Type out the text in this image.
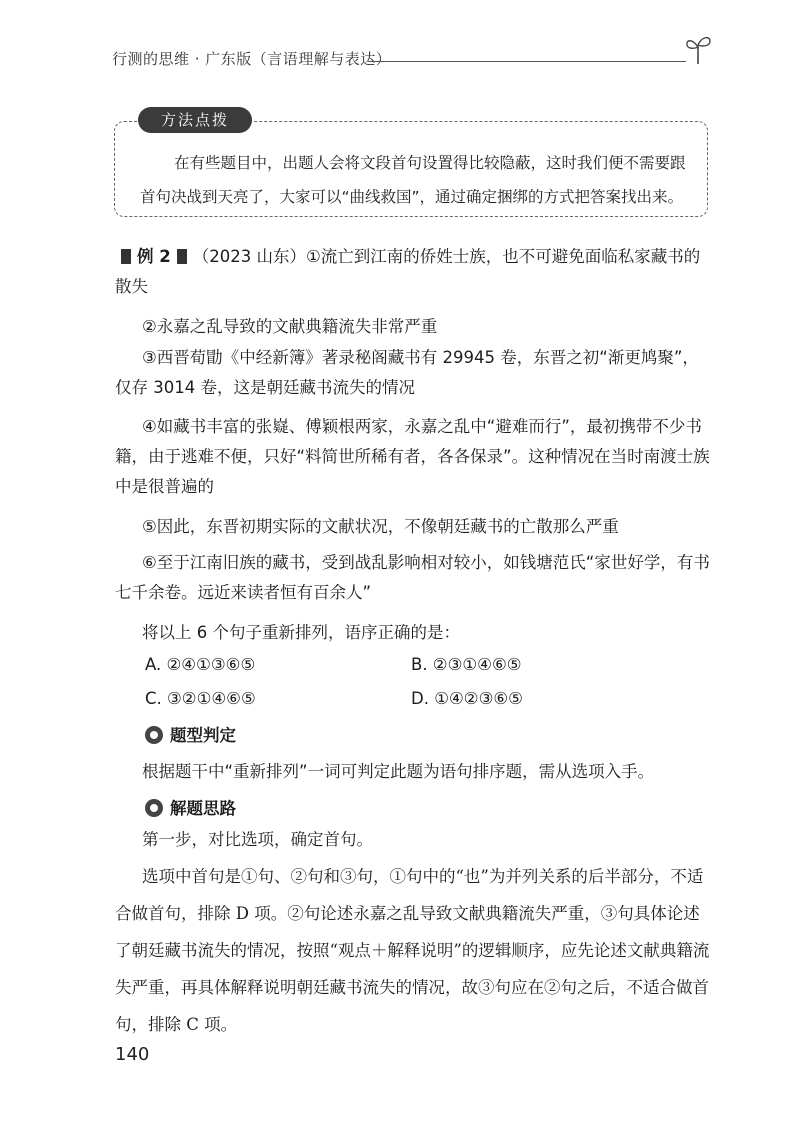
行测的思维 · 广东版（言语理解与表达）
方法点拨
在有些题目中，出题人会将文段首句设置得比较隐蔽，这时我们便不需要跟首句决战到天亮了，大家可以“曲线救国”，通过确定捆绑的方式把答案找出来。
例 2 （2023 山东）①流亡到江南的侨姓士族，也不可避免面临私家藏书的散失
②永嘉之乱导致的文献典籍流失非常严重
③西晋荀勖《中经新簿》著录秘阁藏书有 29945 卷，东晋之初“渐更鸠聚”，仅存 3014 卷，这是朝廷藏书流失的情况
④如藏书丰富的张嶷、傅颖根两家，永嘉之乱中“避难而行”，最初携带不少书籍，由于逃难不便，只好“料简世所稀有者，各各保录”。这种情况在当时南渡士族中是很普遍的
⑤因此，东晋初期实际的文献状况，不像朝廷藏书的亡散那么严重
⑥至于江南旧族的藏书，受到战乱影响相对较小，如钱塘范氏“家世好学，有书七千余卷。远近来读者恒有百余人”
将以上 6 个句子重新排列，语序正确的是：
A. ②④①③⑥⑤	B. ②③①④⑥⑤
C. ③②①④⑥⑤	D. ①④②③⑥⑤
题型判定
根据题干中“重新排列”一词可判定此题为语句排序题，需从选项入手。
解题思路
第一步，对比选项，确定首句。
选项中首句是①句、②句和③句，①句中的“也”为并列关系的后半部分，不适合做首句，排除 D 项。②句论述永嘉之乱导致文献典籍流失严重，③句具体论述了朝廷藏书流失的情况，按照“观点＋解释说明”的逻辑顺序，应先论述文献典籍流失严重，再具体解释说明朝廷藏书流失的情况，故③句应在②句之后，不适合做首句，排除 C 项。
140
